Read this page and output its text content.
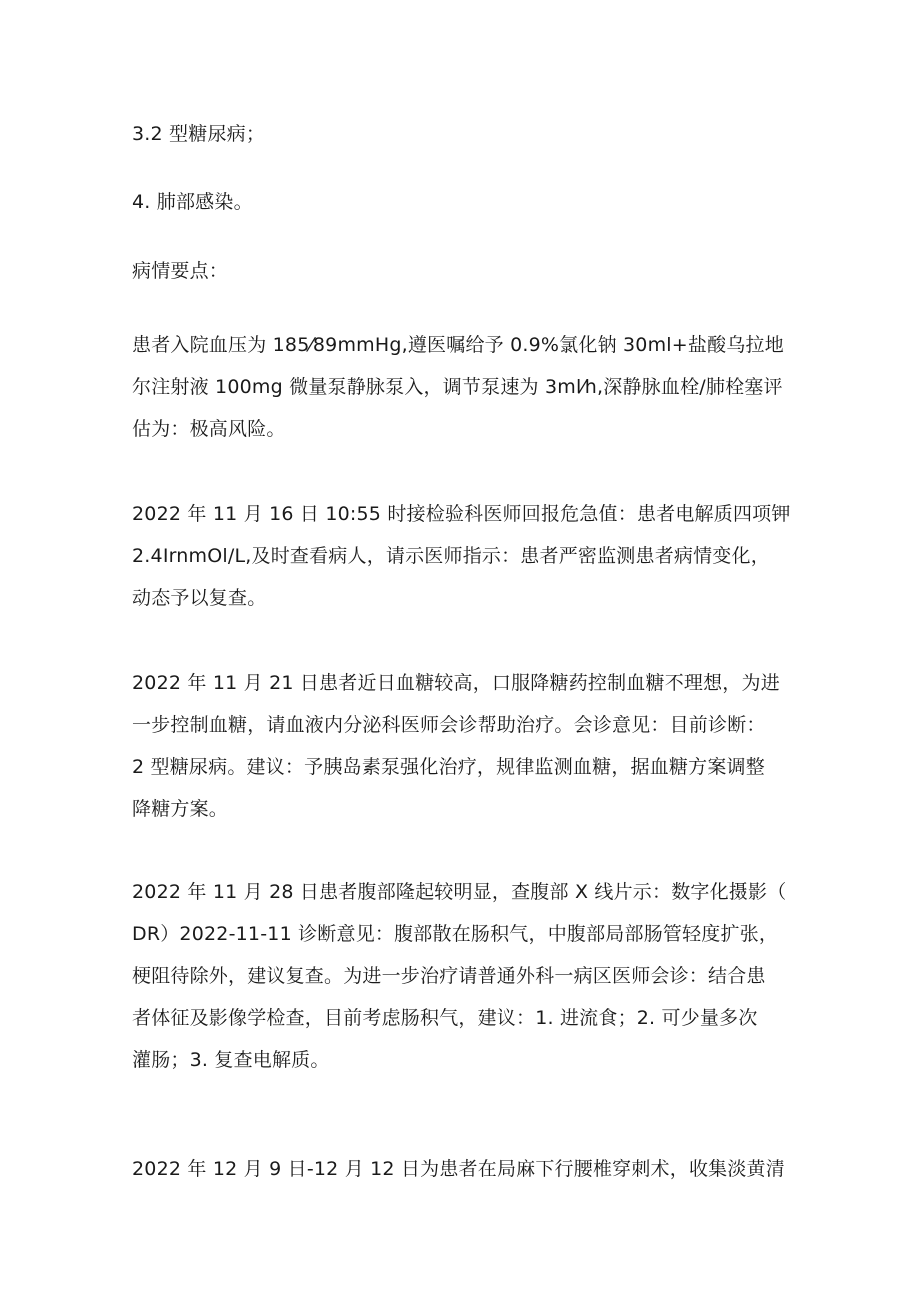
3.2 型糖尿病；

4. 肺部感染。

病情要点：

患者入院血压为 185⁄89mmHg,遵医嘱给予 0.9%氯化钠 30ml+盐酸乌拉地
尔注射液 100mg 微量泵静脉泵入，调节泵速为 3ml⁄h,深静脉血栓/肺栓塞评
估为：极高风险。

2022 年 11 月 16 日 10:55 时接检验科医师回报危急值：患者电解质四项钾
2.4IrnmOl/L,及时查看病人，请示医师指示：患者严密监测患者病情变化，
动态予以复查。

2022 年 11 月 21 日患者近日血糖较高，口服降糖药控制血糖不理想，为进
一步控制血糖，请血液内分泌科医师会诊帮助治疗。会诊意见：目前诊断：
2 型糖尿病。建议：予胰岛素泵强化治疗，规律监测血糖，据血糖方案调整
降糖方案。

2022 年 11 月 28 日患者腹部隆起较明显，查腹部 X 线片示：数字化摄影（
DR）2022-11-11 诊断意见：腹部散在肠积气，中腹部局部肠管轻度扩张，
梗阻待除外，建议复查。为进一步治疗请普通外科一病区医师会诊：结合患
者体征及影像学检查，目前考虑肠积气，建议：1. 进流食；2. 可少量多次
灌肠；3. 复查电解质。

2022 年 12 月 9 日-12 月 12 日为患者在局麻下行腰椎穿刺术，收集淡黄清
